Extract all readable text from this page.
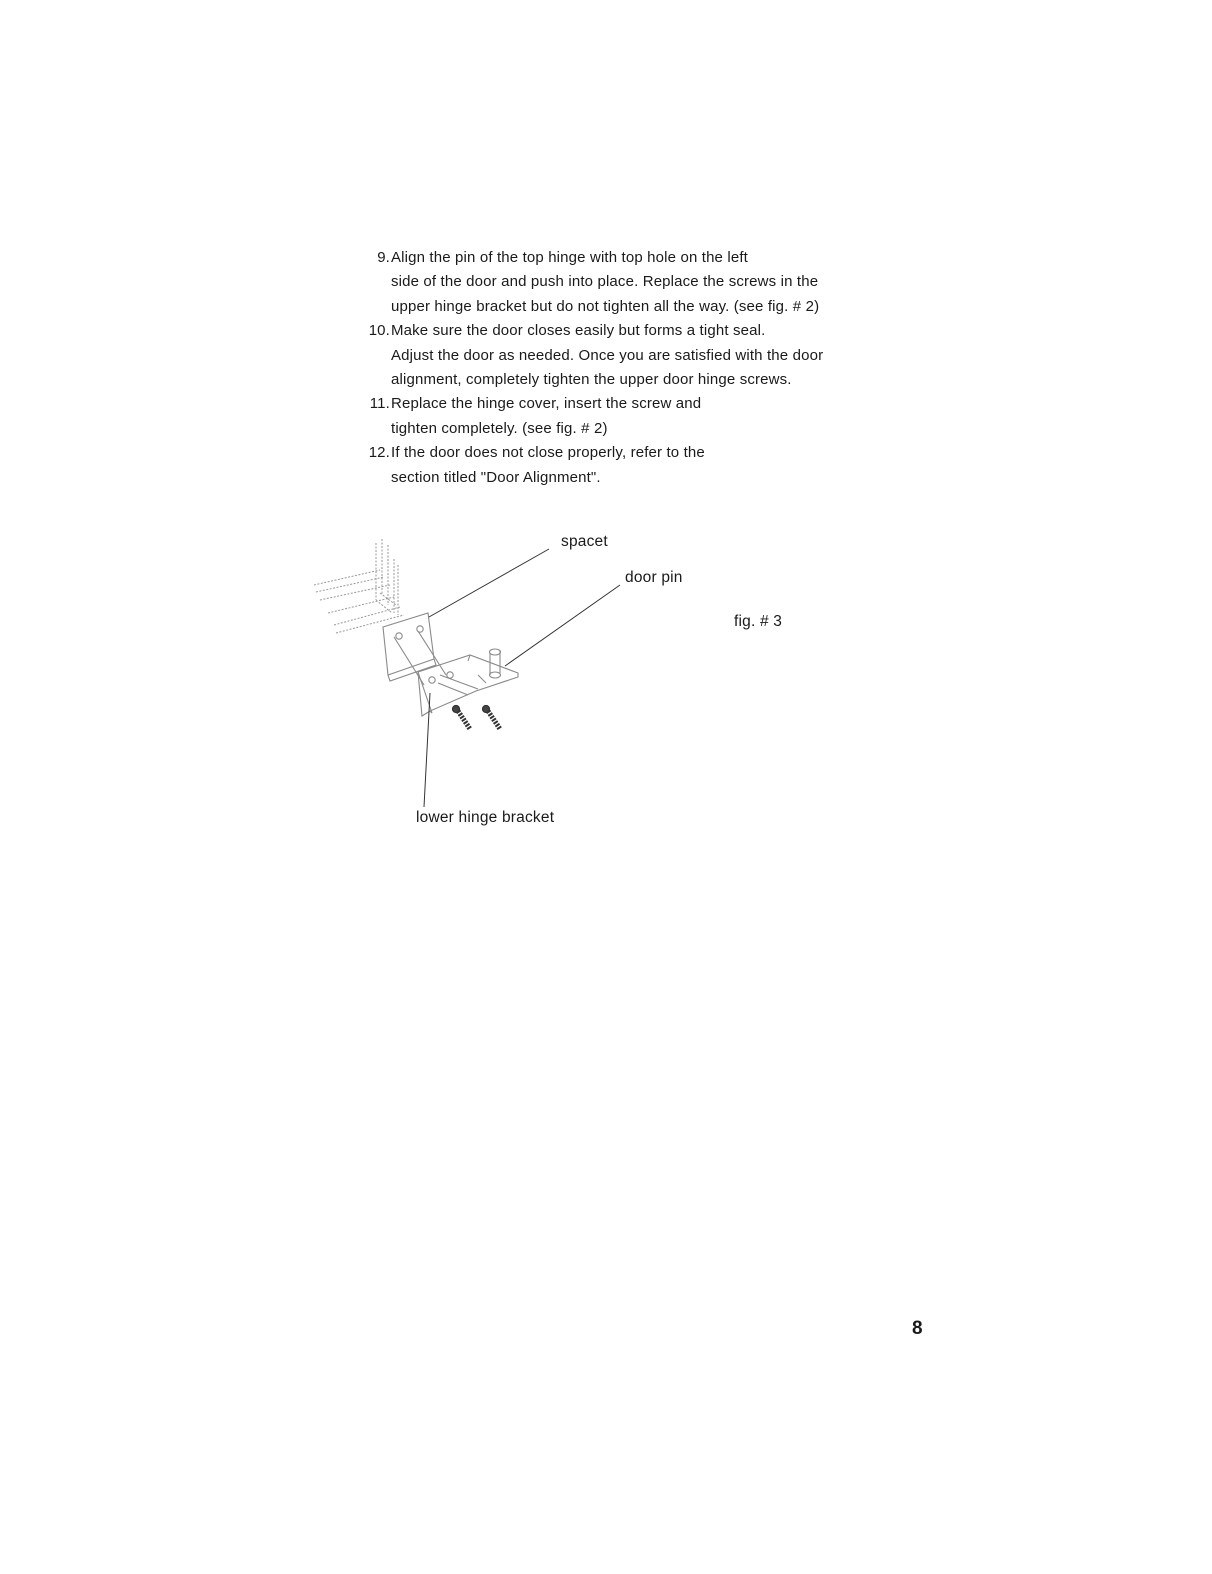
9. Align the pin of the top hinge with top hole on the left
side of the door and push into place. Replace the screws in the
upper hinge bracket but do not tighten all the way. (see fig. # 2)
10. Make sure the door closes easily but forms a tight seal.
Adjust the door as needed. Once you are satisfied with the door
alignment, completely tighten the upper door hinge screws.
11. Replace the hinge cover, insert the screw and
tighten completely. (see fig. # 2)
12. If the door does not close properly, refer to the
section titled "Door Alignment".
spacet
door pin
fig. # 3
lower hinge bracket
8
